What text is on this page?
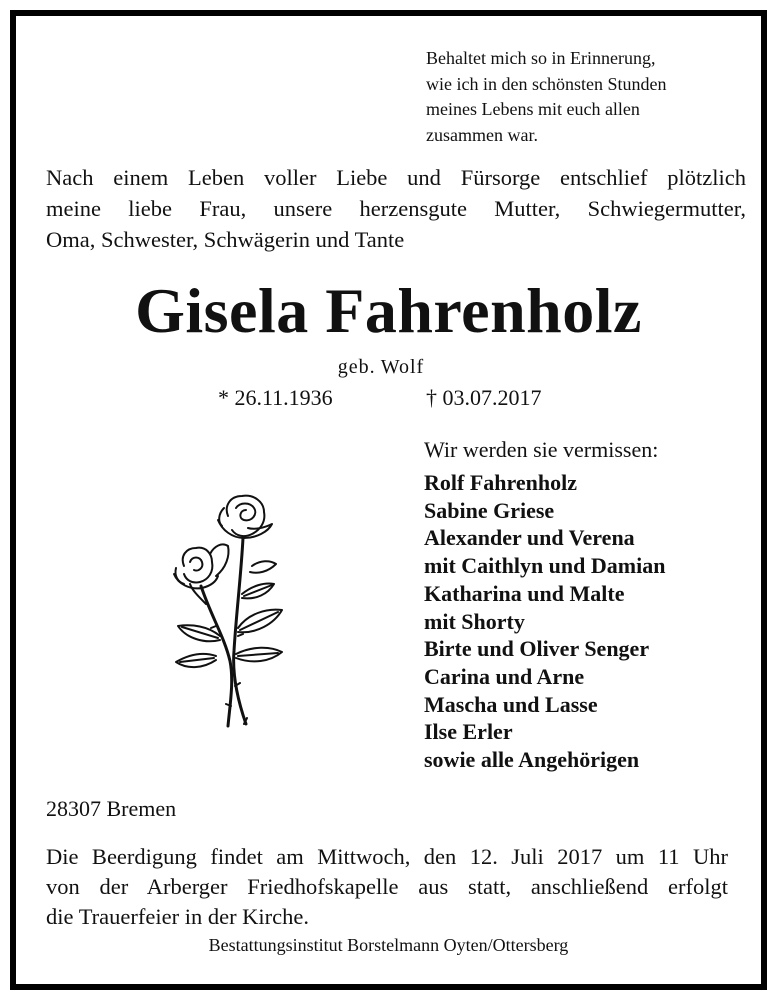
Behaltet mich so in Erinnerung,
wie ich in den schönsten Stunden
meines Lebens mit euch allen
zusammen war.
Nach einem Leben voller Liebe und Fürsorge entschlief plötzlich
meine liebe Frau, unsere herzensgute Mutter, Schwiegermutter,
Oma, Schwester, Schwägerin und Tante
Gisela Fahrenholz
geb. Wolf
* 26.11.1936	† 03.07.2017
Wir werden sie vermissen:
Rolf Fahrenholz
Sabine Griese
Alexander und Verena
mit Caithlyn und Damian
Katharina und Malte
mit Shorty
Birte und Oliver Senger
Carina und Arne
Mascha und Lasse
Ilse Erler
sowie alle Angehörigen
28307 Bremen
Die Beerdigung findet am Mittwoch, den 12. Juli 2017 um 11 Uhr
von der Arberger Friedhofskapelle aus statt, anschließend erfolgt
die Trauerfeier in der Kirche.
Bestattungsinstitut Borstelmann Oyten/Ottersberg
